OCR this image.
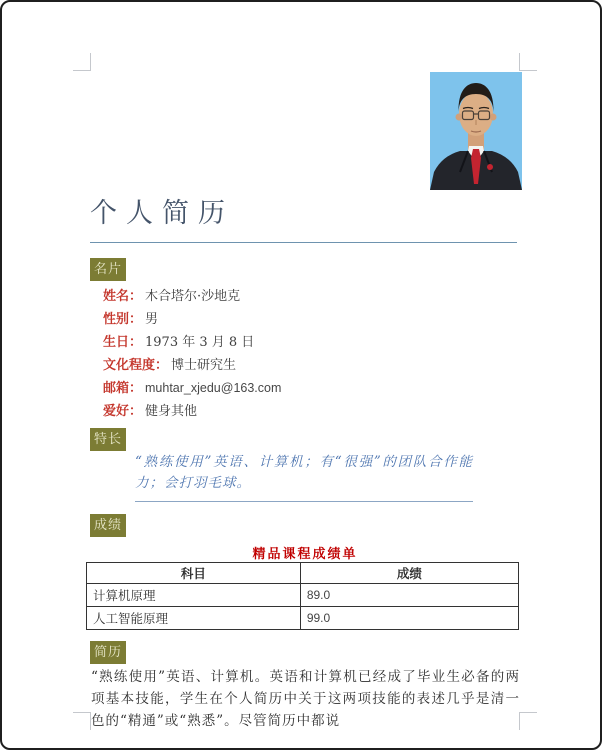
个人简历
名片
姓名： 木合塔尔·沙地克
性别： 男
生日： 1973 年 3 月 8 日
文化程度： 博士研究生
邮箱： muhtar_xjedu@163.com
爱好： 健身其他
特长

“熟练使用”英语、计算机；有“很强”的团队合作能力；会打羽毛球。

成绩
精品课程成绩单
科目	成绩
计算机原理	89.0
人工智能原理	99.0
简历

“熟练使用”英语、计算机。英语和计算机已经成了毕业生必备的两项基本技能，学生在个人简历中关于这两项技能的表述几乎是清一色的“精通”或“熟悉”。尽管简历中都说
